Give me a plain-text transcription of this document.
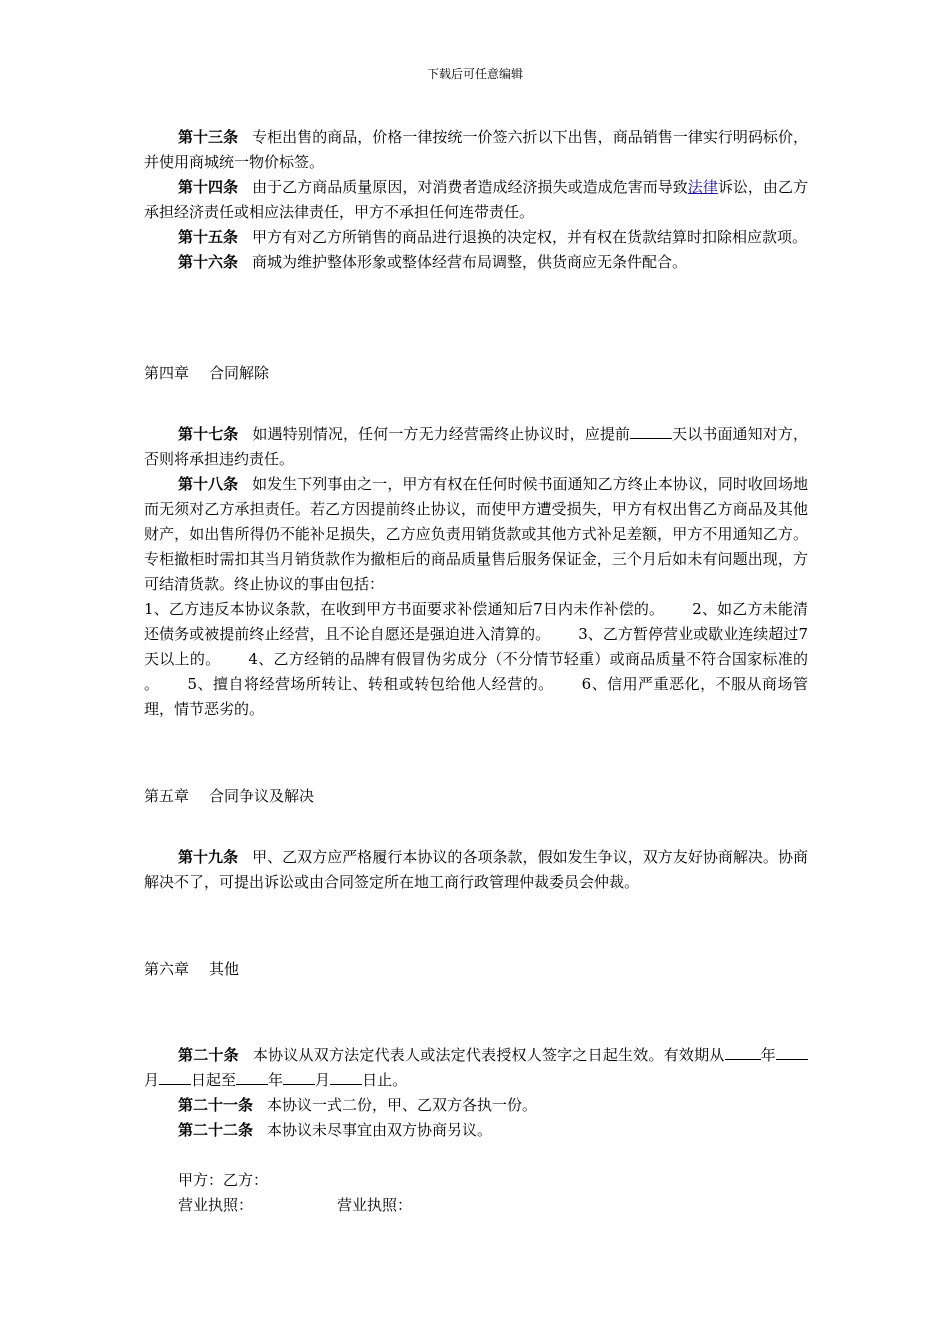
下载后可任意编辑

第十三条 专柜出售的商品，价格一律按统一价签六折以下出售，商品销售一律实行明码标价，并使用商城统一物价标签。

第十四条 由于乙方商品质量原因，对消费者造成经济损失或造成危害而导致法律诉讼，由乙方承担经济责任或相应法律责任，甲方不承担任何连带责任。

第十五条 甲方有对乙方所销售的商品进行退换的决定权，并有权在货款结算时扣除相应款项。

第十六条 商城为维护整体形象或整体经营布局调整，供货商应无条件配合。

第四章 合同解除

第十七条 如遇特别情况，任何一方无力经营需终止协议时，应提前	天以书面通知对方，否则将承担违约责任。

第十八条 如发生下列事由之一，甲方有权在任何时候书面通知乙方终止本协议，同时收回场地而无须对乙方承担责任。若乙方因提前终止协议，而使甲方遭受损失，甲方有权出售乙方商品及其他财产，如出售所得仍不能补足损失，乙方应负责用销货款或其他方式补足差额，甲方不用通知乙方。专柜撤柜时需扣其当月销货款作为撤柜后的商品质量售后服务保证金，三个月后如未有问题出现，方可结清货款。终止协议的事由包括：

1、乙方违反本协议条款，在收到甲方书面要求补偿通知后7日内未作补偿的。 2、如乙方未能清还债务或被提前终止经营，且不论自愿还是强迫进入清算的。 3、乙方暂停营业或歇业连续超过7天以上的。 4、乙方经销的品牌有假冒伪劣成分（不分情节轻重）或商品质量不符合国家标准的 。 5、擅自将经营场所转让、转租或转包给他人经营的。 6、信用严重恶化，不服从商场管理，情节恶劣的。

第五章 合同争议及解决

第十九条 甲、乙双方应严格履行本协议的各项条款，假如发生争议，双方友好协商解决。协商解决不了，可提出诉讼或由合同签定所在地工商行政管理仲裁委员会仲裁。

第六章 其他

第二十条 本协议从双方法定代表人或法定代表授权人签字之日起生效。有效期从 年月 日起至 年 月 日止。

第二十一条 本协议一式二份，甲、乙双方各执一份。

第二十二条 本协议未尽事宜由双方协商另议。

甲方：乙方：
营业执照：	营业执照：
